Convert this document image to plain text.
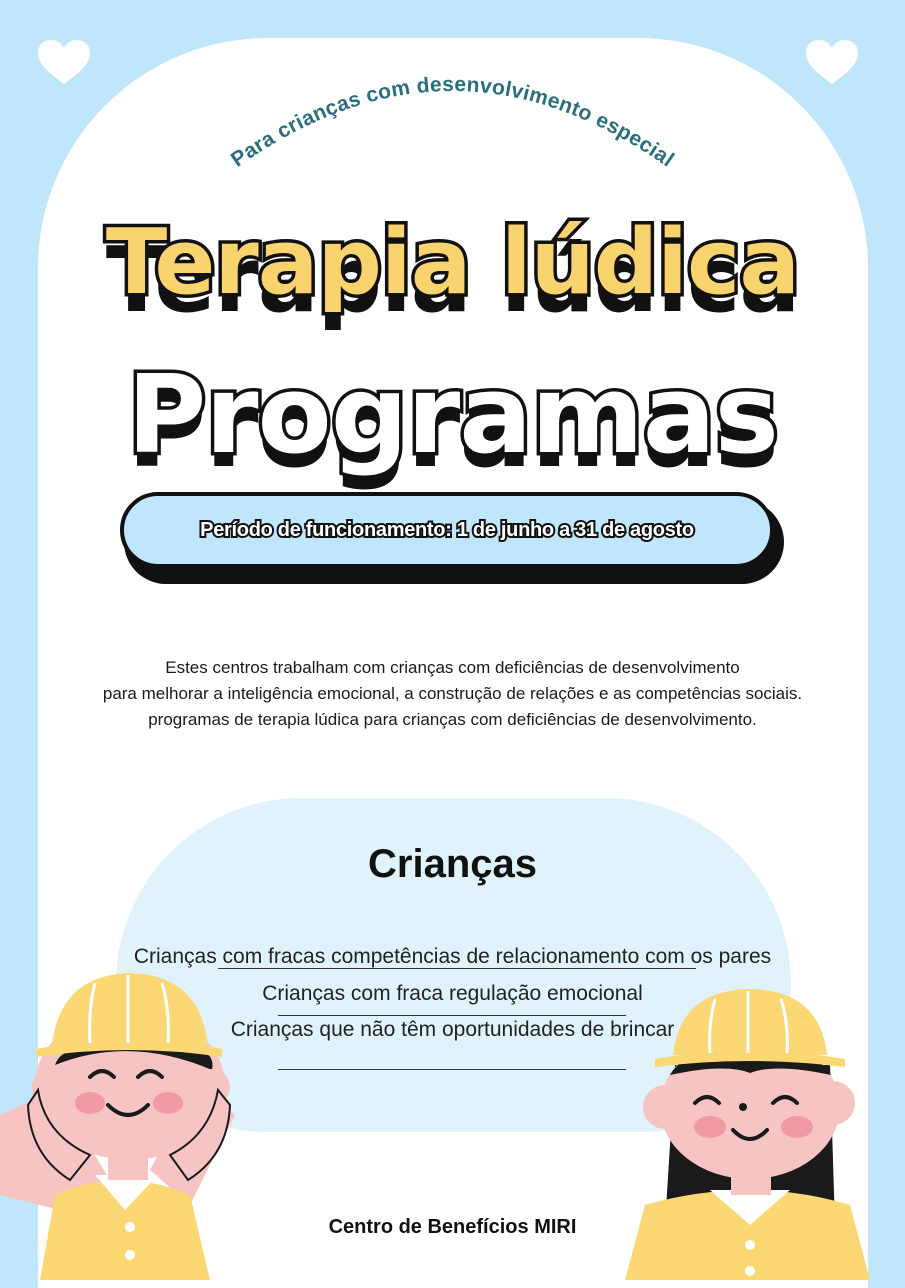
Para crianças com desenvolvimento especial
Terapia lúdica
Programas
Período de funcionamento: 1 de junho a 31 de agosto
Estes centros trabalham com crianças com deficiências de desenvolvimento
para melhorar a inteligência emocional, a construção de relações e as competências sociais.
programas de terapia lúdica para crianças com deficiências de desenvolvimento.
Crianças
Crianças com fracas competências de relacionamento com os pares
Crianças com fraca regulação emocional
Crianças que não têm oportunidades de brincar
Centro de Benefícios MIRI
